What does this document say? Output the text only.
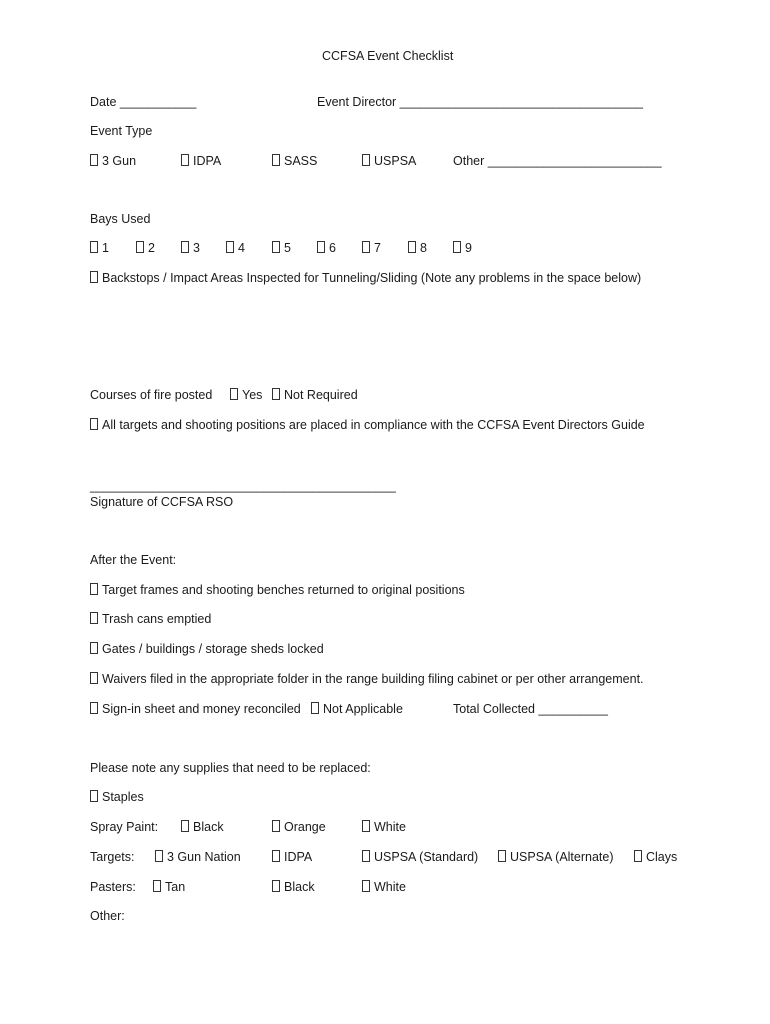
CCFSA Event Checklist
Date ___________	Event Director ___________________________________
Event Type
3 Gun	IDPA	SASS	USPSA	Other _________________________
Bays Used
1	2	3	4	5	6	7	8	9
Backstops / Impact Areas Inspected for Tunneling/Sliding (Note any problems in the space below)
Courses of fire posted	Yes	Not Required
All targets and shooting positions are placed in compliance with the CCFSA Event Directors Guide
____________________________________________
Signature of CCFSA RSO
After the Event:
Target frames and shooting benches returned to original positions
Trash cans emptied
Gates / buildings / storage sheds locked
Waivers filed in the appropriate folder in the range building filing cabinet or per other arrangement.
Sign-in sheet and money reconciled	Not Applicable	Total Collected __________
Please note any supplies that need to be replaced:
Staples
Spray Paint:	Black	Orange	White
Targets:	3 Gun Nation	IDPA	USPSA (Standard)	USPSA (Alternate)	Clays
Pasters:	Tan	Black	White
Other:
